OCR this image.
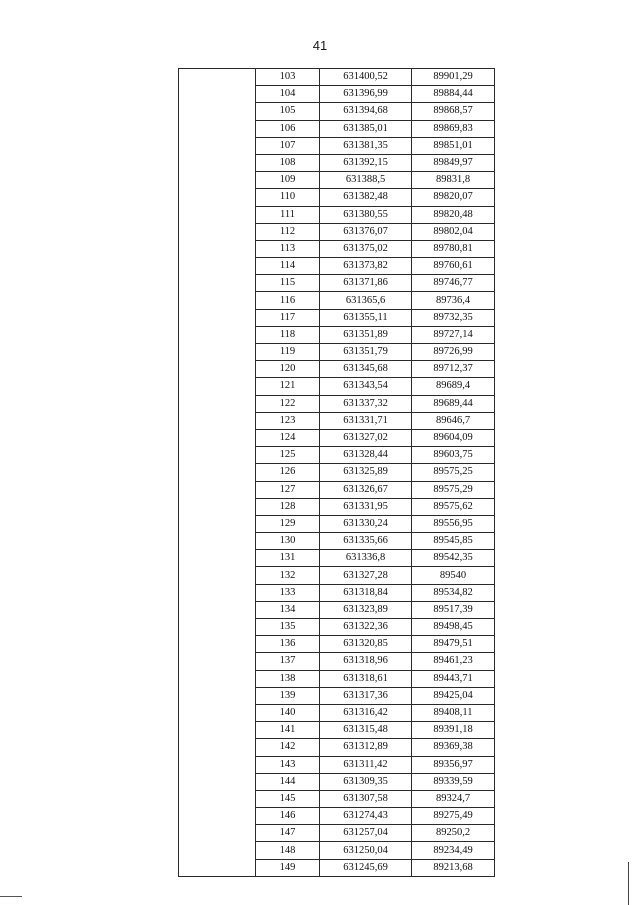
41
	103	631400,52	89901,29
	104	631396,99	89884,44
	105	631394,68	89868,57
	106	631385,01	89869,83
	107	631381,35	89851,01
	108	631392,15	89849,97
	109	631388,5	89831,8
	110	631382,48	89820,07
	111	631380,55	89820,48
	112	631376,07	89802,04
	113	631375,02	89780,81
	114	631373,82	89760,61
	115	631371,86	89746,77
	116	631365,6	89736,4
	117	631355,11	89732,35
	118	631351,89	89727,14
	119	631351,79	89726,99
	120	631345,68	89712,37
	121	631343,54	89689,4
	122	631337,32	89689,44
	123	631331,71	89646,7
	124	631327,02	89604,09
	125	631328,44	89603,75
	126	631325,89	89575,25
	127	631326,67	89575,29
	128	631331,95	89575,62
	129	631330,24	89556,95
	130	631335,66	89545,85
	131	631336,8	89542,35
	132	631327,28	89540
	133	631318,84	89534,82
	134	631323,89	89517,39
	135	631322,36	89498,45
	136	631320,85	89479,51
	137	631318,96	89461,23
	138	631318,61	89443,71
	139	631317,36	89425,04
	140	631316,42	89408,11
	141	631315,48	89391,18
	142	631312,89	89369,38
	143	631311,42	89356,97
	144	631309,35	89339,59
	145	631307,58	89324,7
	146	631274,43	89275,49
	147	631257,04	89250,2
	148	631250,04	89234,49
	149	631245,69	89213,68
